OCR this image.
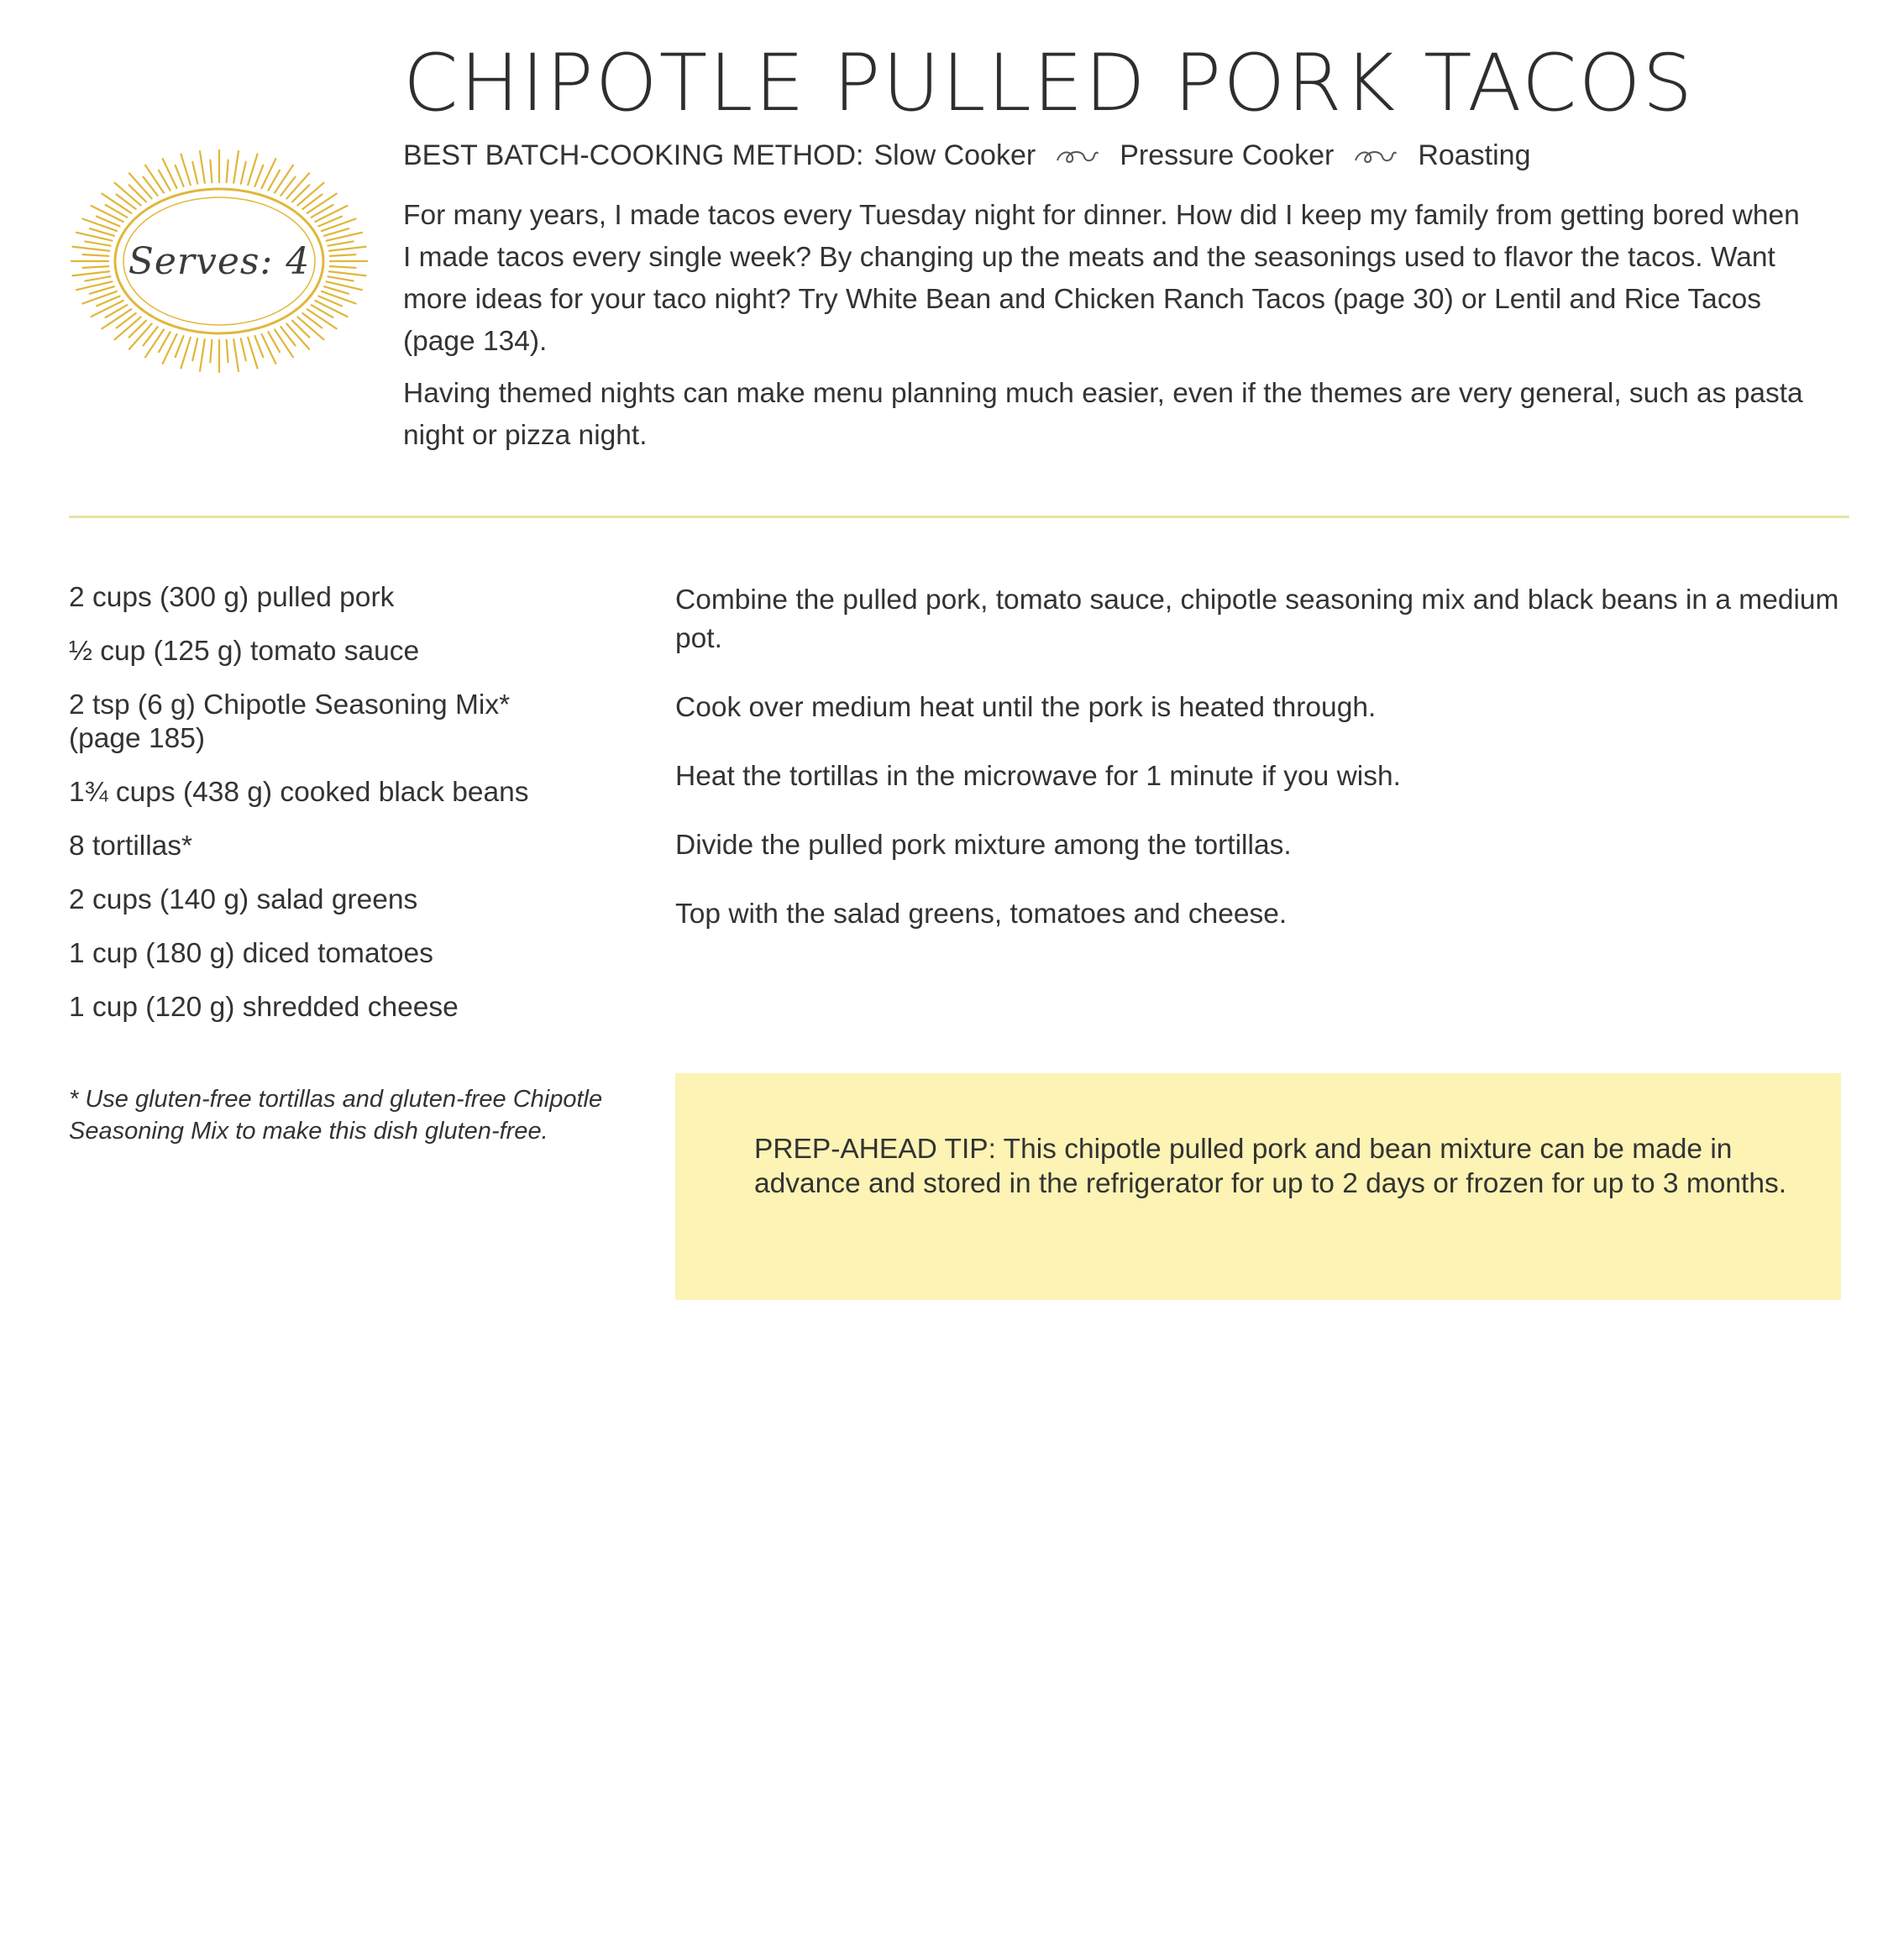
Serves: 4
CHIPOTLE PULLED PORK TACOS
BEST BATCH-COOKING METHOD: Slow Cooker	Pressure Cooker	Roasting

For many years, I made tacos every Tuesday night for dinner. How did I keep my family from getting bored when I made tacos every single week? By changing up the meats and the seasonings used to flavor the tacos. Want more ideas for your taco night? Try White Bean and Chicken Ranch Tacos (page 30) or Lentil and Rice Tacos (page 134).

Having themed nights can make menu planning much easier, even if the themes are very general, such as pasta night or pizza night.

2 cups (300 g) pulled pork
½ cup (125 g) tomato sauce
2 tsp (6 g) Chipotle Seasoning Mix* (page 185)
1¾ cups (438 g) cooked black beans
8 tortillas*
2 cups (140 g) salad greens
1 cup (180 g) diced tomatoes
1 cup (120 g) shredded cheese
* Use gluten-free tortillas and gluten-free Chipotle Seasoning Mix to make this dish gluten-free.
Combine the pulled pork, tomato sauce, chipotle seasoning mix and black beans in a medium pot.
Cook over medium heat until the pork is heated through.
Heat the tortillas in the microwave for 1 minute if you wish.
Divide the pulled pork mixture among the tortillas.
Top with the salad greens, tomatoes and cheese.
PREP-AHEAD TIP: This chipotle pulled pork and bean mixture can be made in advance and stored in the refrigerator for up to 2 days or frozen for up to 3 months.
